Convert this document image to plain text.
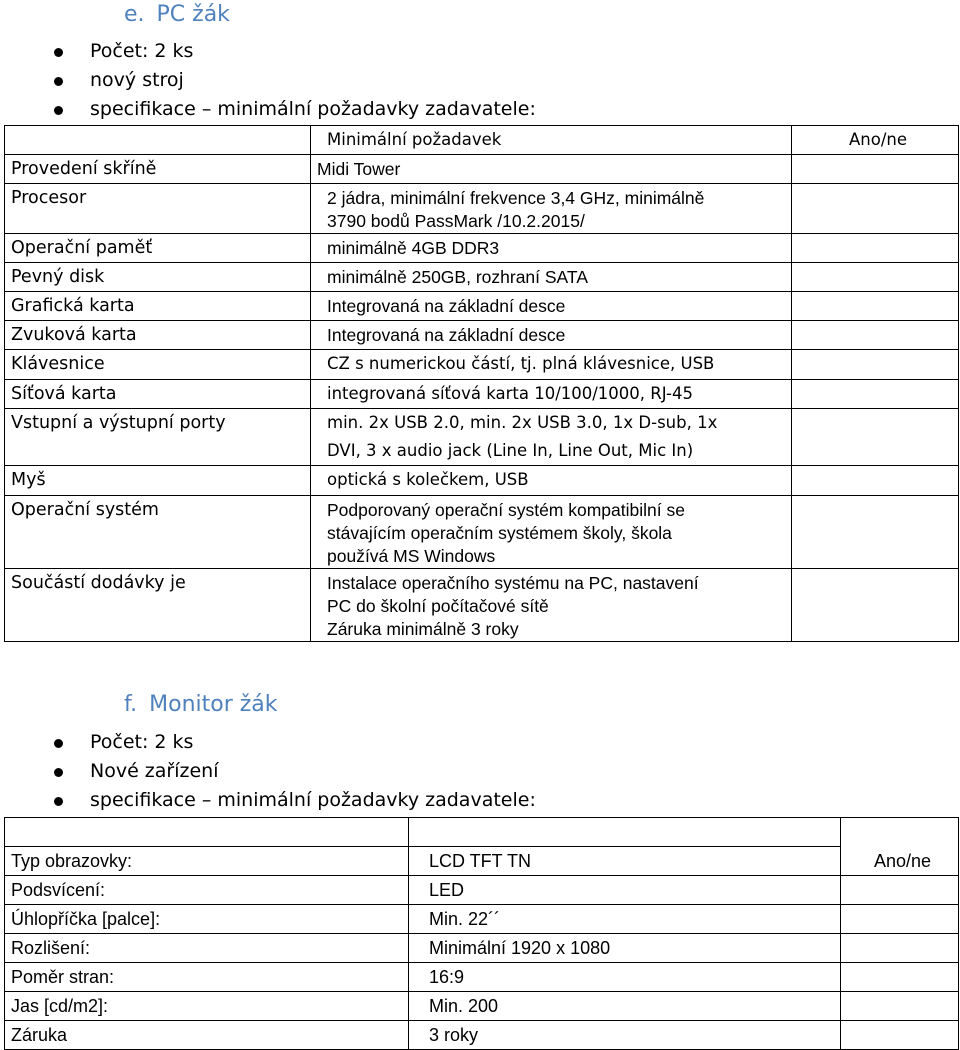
e. PC žák
Počet: 2 ks
nový stroj
specifikace – minimální požadavky zadavatele:
	Minimální požadavek	Ano/ne
Provedení skříně	Midi Tower	

Procesor	2 jádra, minimální frekvence 3,4 GHz, minimálně
3790 bodů PassMark /10.2.2015/	

Operační paměť	minimálně 4GB DDR3	

Pevný disk	minimálně 250GB, rozhraní SATA	

Grafická karta	Integrovaná na základní desce	

Zvuková karta	Integrovaná na základní desce	

Klávesnice	CZ s numerickou částí, tj. plná klávesnice, USB	

Síťová karta	integrovaná síťová karta 10/100/1000, RJ-45	

Vstupní a výstupní porty	min. 2x USB 2.0, min. 2x USB 3.0, 1x D-sub, 1x
DVI, 3 x audio jack (Line In, Line Out, Mic In)	

Myš	optická s kolečkem, USB	

Operační systém	Podporovaný operační systém kompatibilní se
stávajícím operačním systémem školy, škola
používá MS Windows	

Součástí dodávky je	Instalace operačního systému na PC, nastavení
PC do školní počítačové sítě
Záruka minimálně 3 roky	

f. Monitor žák
Počet: 2 ks
Nové zařízení
specifikace – minimální požadavky zadavatele:
		Ano/ne
Typ obrazovky:	LCD TFT TN	
Podsvícení:	LED	
Úhlopříčka [palce]:	Min. 22´´	
Rozlišení:	Minimální 1920 x 1080	
Poměr stran:	16:9	
Jas [cd/m2]:	Min. 200	
Záruka	3 roky	
